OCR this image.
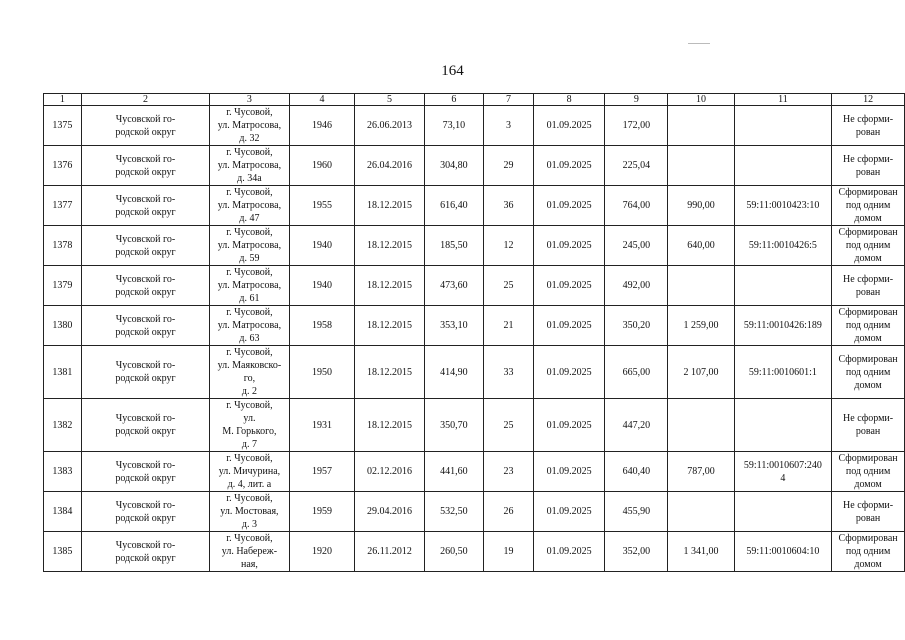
164
1	2	3	4	5	6	7	8	9	10	11	12
1375	Чусовской го-
родской округ	г. Чусовой,
ул. Матросова,
д. 32	1946	26.06.2013	73,10	3	01.09.2025	172,00			Не сформи-
рован

1376	Чусовской го-
родской округ	г. Чусовой,
ул. Матросова,
д. 34а	1960	26.04.2016	304,80	29	01.09.2025	225,04			Не сформи-
рован

1377	Чусовской го-
родской округ	г. Чусовой,
ул. Матросова,
д. 47	1955	18.12.2015	616,40	36	01.09.2025	764,00	990,00	59:11:0010423:10	Сформирован
под одним
домом

1378	Чусовской го-
родской округ	г. Чусовой,
ул. Матросова,
д. 59	1940	18.12.2015	185,50	12	01.09.2025	245,00	640,00	59:11:0010426:5	Сформирован
под одним
домом

1379	Чусовской го-
родской округ	г. Чусовой,
ул. Матросова,
д. 61	1940	18.12.2015	473,60	25	01.09.2025	492,00			Не сформи-
рован

1380	Чусовской го-
родской округ	г. Чусовой,
ул. Матросова,
д. 63	1958	18.12.2015	353,10	21	01.09.2025	350,20	1 259,00	59:11:0010426:189	Сформирован
под одним
домом

1381	Чусовской го-
родской округ	г. Чусовой,
ул. Маяковско-
го,
д. 2	1950	18.12.2015	414,90	33	01.09.2025	665,00	2 107,00	59:11:0010601:1	Сформирован
под одним
домом

1382	Чусовской го-
родской округ	г. Чусовой,
ул.
М. Горького,
д. 7	1931	18.12.2015	350,70	25	01.09.2025	447,20			Не сформи-
рован

1383	Чусовской го-
родской округ	г. Чусовой,
ул. Мичурина,
д. 4, лит. а	1957	02.12.2016	441,60	23	01.09.2025	640,40	787,00	59:11:0010607:240
4	Сформирован
под одним
домом

1384	Чусовской го-
родской округ	г. Чусовой,
ул. Мостовая,
д. 3	1959	29.04.2016	532,50	26	01.09.2025	455,90			Не сформи-
рован

1385	Чусовской го-
родской округ	г. Чусовой,
ул. Набереж-
ная,	1920	26.11.2012	260,50	19	01.09.2025	352,00	1 341,00	59:11:0010604:10	Сформирован
под одним
домом
